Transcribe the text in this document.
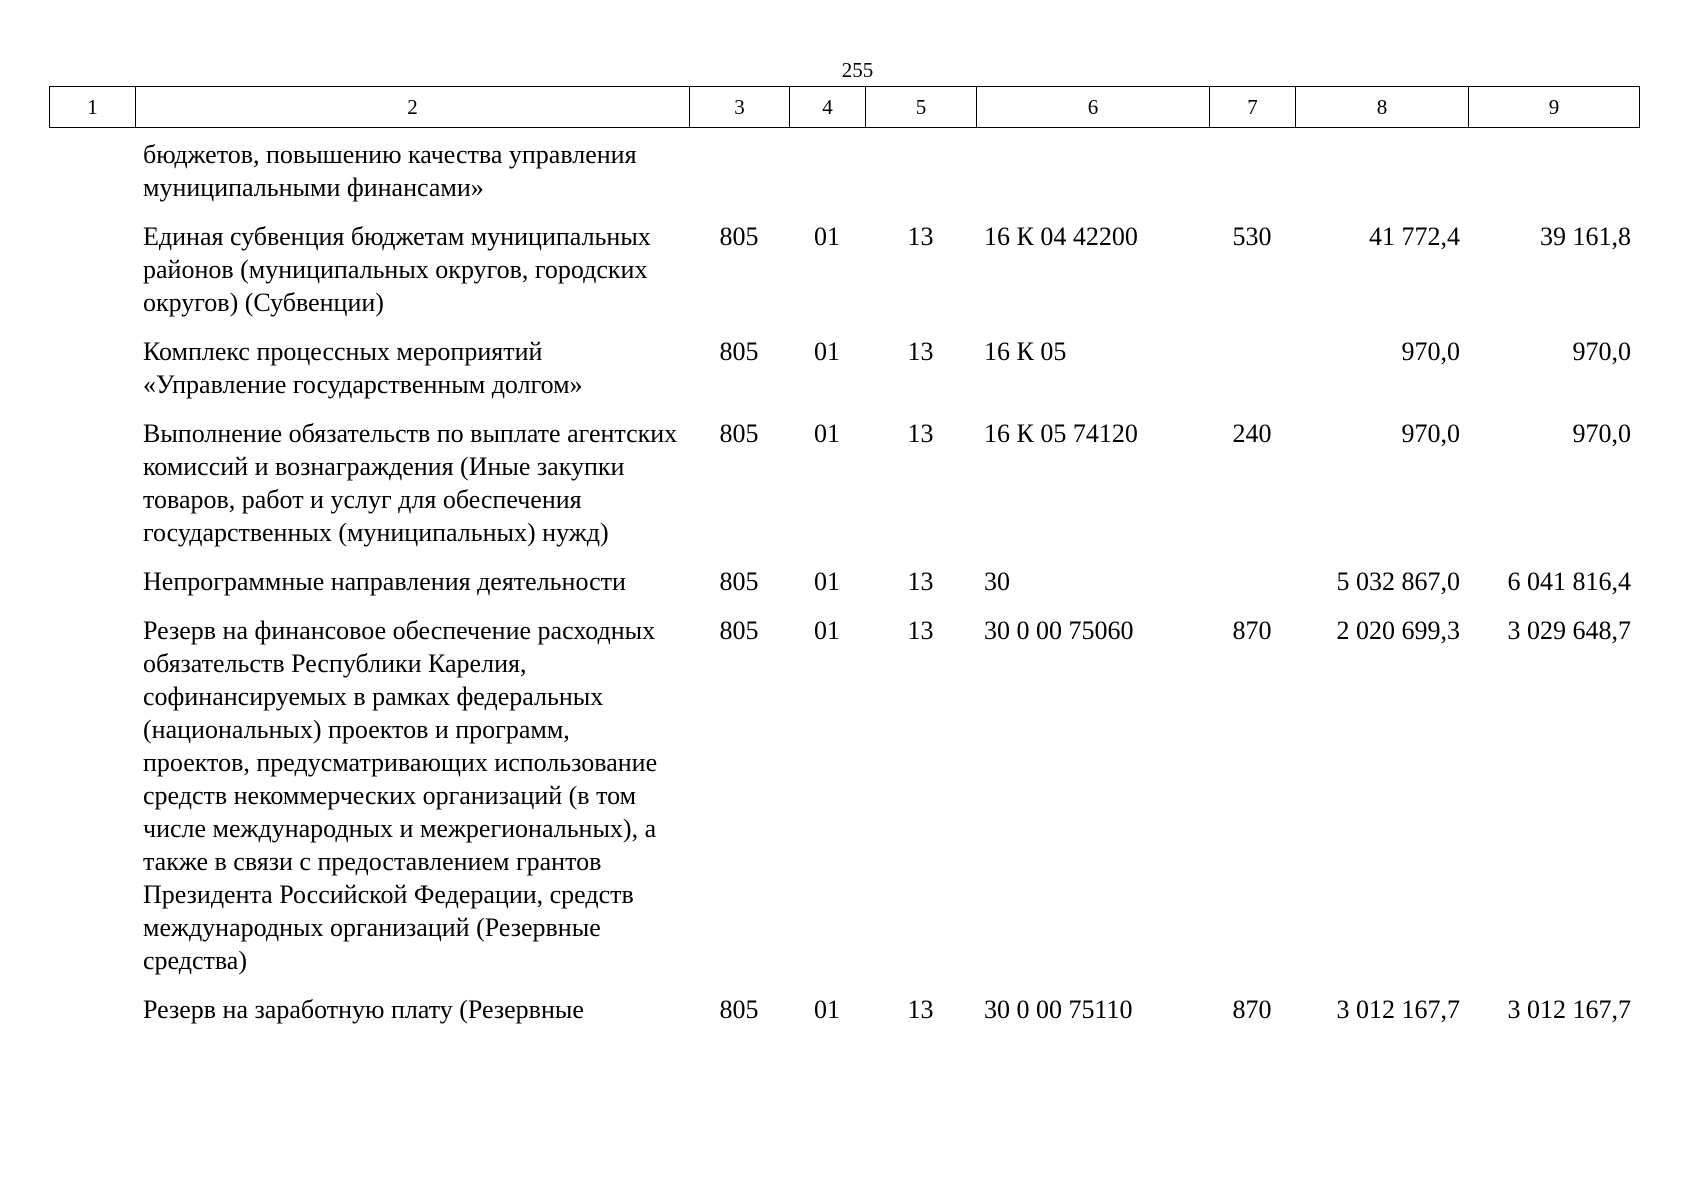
255
1	2	3	4	5	6	7	8	9
	бюджетов, повышению качества управления муниципальными финансами»							
	Единая субвенция бюджетам муниципальных районов (муниципальных округов, городских округов) (Субвенции)	805	01	13	16 К 04 42200	530	41 772,4	39 161,8
	Комплекс процессных мероприятий «Управление государственным долгом»	805	01	13	16 К 05		970,0	970,0
	Выполнение обязательств по выплате агентских комиссий и вознаграждения (Иные закупки товаров, работ и услуг для обеспечения государственных (муниципальных) нужд)	805	01	13	16 К 05 74120	240	970,0	970,0
	Непрограммные направления деятельности	805	01	13	30		5 032 867,0	6 041 816,4
	Резерв на финансовое обеспечение расходных обязательств Республики Карелия, софинансируемых в рамках федеральных (национальных) проектов и программ, проектов, предусматривающих использование средств некоммерческих организаций (в том числе международных и межрегиональных), а также в связи с предоставлением грантов Президента Российской Федерации, средств международных организаций (Резервные средства)	805	01	13	30 0 00 75060	870	2 020 699,3	3 029 648,7
	Резерв на заработную плату (Резервные	805	01	13	30 0 00 75110	870	3 012 167,7	3 012 167,7
